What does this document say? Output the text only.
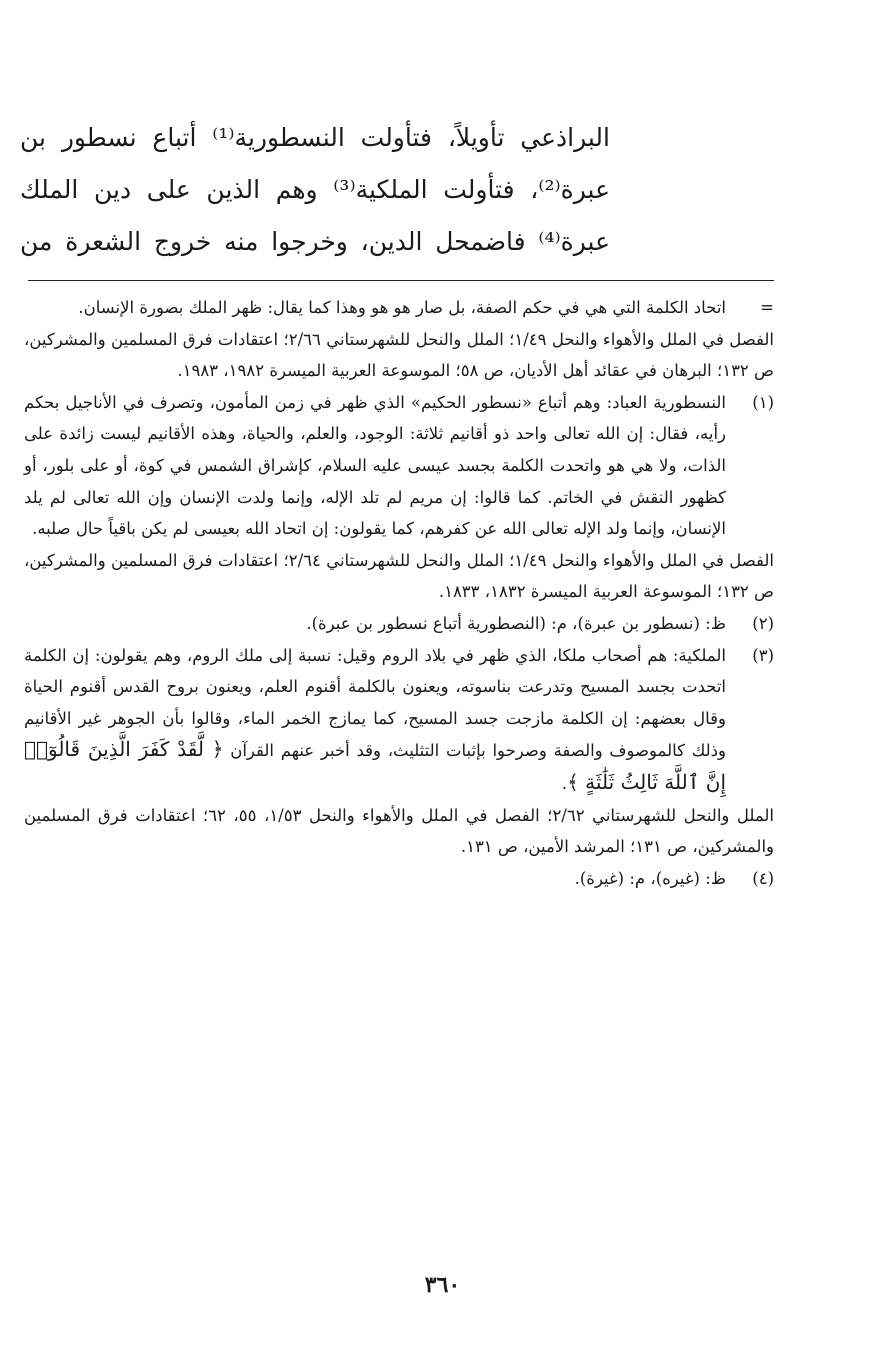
البراذعي تأويلاً، فتأولت النسطورية⁽¹⁾ أتباع نسطور بن
عبرة⁽²⁾، فتأولت الملكية⁽³⁾ وهم الذين على دين الملك
عبرة⁽⁴⁾ فاضمحل الدين، وخرجوا منه خروج الشعرة من
=
اتحاد الكلمة التي هي في حكم الصفة، بل صار هو هو وهذا كما يقال: ظهر الملك بصورة الإنسان.

الفصل في الملل والأهواء والنحل ١/٤٩؛ الملل والنحل للشهرستاني ٢/٦٦؛ اعتقادات فرق المسلمين والمشركين، ص ١٣٢؛ البرهان في عقائد أهل الأديان، ص ٥٨؛ الموسوعة العربية الميسرة ١٩٨٢، ١٩٨٣.

(١)
النسطورية العباد: وهم أتباع «نسطور الحكيم» الذي ظهر في زمن المأمون، وتصرف في الأناجيل بحكم رأيه، فقال: إن الله تعالى واحد ذو أقانيم ثلاثة: الوجود، والعلم، والحياة، وهذه الأقانيم ليست زائدة على الذات، ولا هي هو واتحدت الكلمة بجسد عيسى عليه السلام، كإشراق الشمس في كوة، أو على بلور، أو كظهور النقش في الخاتم. كما قالوا: إن مريم لم تلد الإله، وإنما ولدت الإنسان وإن الله تعالى لم يلد الإنسان، وإنما ولد الإله تعالى الله عن كفرهم، كما يقولون: إن اتحاد الله بعيسى لم يكن باقياً حال صلبه.

الفصل في الملل والأهواء والنحل ١/٤٩؛ الملل والنحل للشهرستاني ٢/٦٤؛ اعتقادات فرق المسلمين والمشركين، ص ١٣٢؛ الموسوعة العربية الميسرة ١٨٣٢، ١٨٣٣.

(٢)
ظ: (نسطور بن عبرة)، م: (النصطورية أتباع نسطور بن عبرة).
(٣)
الملكية: هم أصحاب ملكا، الذي ظهر في بلاد الروم وقيل: نسبة إلى ملك الروم، وهم يقولون: إن الكلمة اتحدت بجسد المسيح وتدرعت بناسوته، ويعنون بالكلمة أقنوم العلم، ويعنون بروح القدس أقنوم الحياة وقال بعضهم: إن الكلمة مازجت جسد المسيح، كما يمازج الخمر الماء، وقالوا بأن الجوهر غير الأقانيم وذلك كالموصوف والصفة وصرحوا بإثبات التثليث، وقد أخبر عنهم القرآن ﴿ لَّقَدْ كَفَرَ الَّذِينَ قَالُوٓا۟ إِنَّ ٱللَّهَ ثَالِثُ ثَلَٰثَةٍ ﴾.

الملل والنحل للشهرستاني ٢/٦٢؛ الفصل في الملل والأهواء والنحل ١/٥٣، ٥٥، ٦٢؛ اعتقادات فرق المسلمين والمشركين، ص ١٣١؛ المرشد الأمين، ص ١٣١.

(٤)
ظ: (غيره)، م: (غيرة).
٣٦٠
